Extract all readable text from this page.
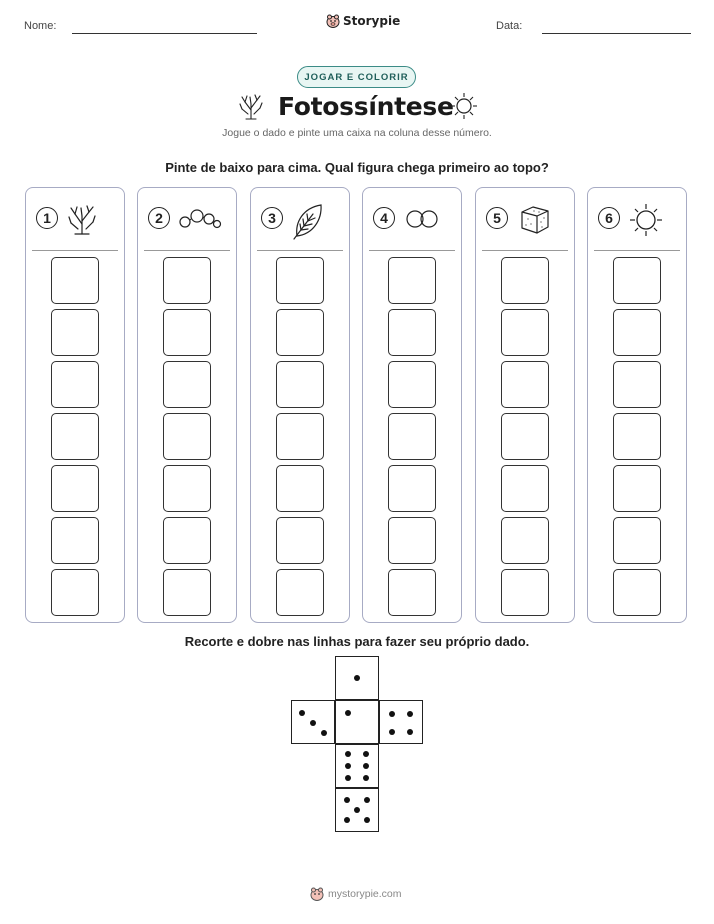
Nome:	Storypie	Data:
JOGAR E COLORIR
Fotossíntese
Jogue o dado e pinte uma caixa na coluna desse número.
Pinte de baixo para cima. Qual figura chega primeiro ao topo?
1	2	3	4	5	6
Recorte e dobre nas linhas para fazer seu próprio dado.
mystorypie.com
